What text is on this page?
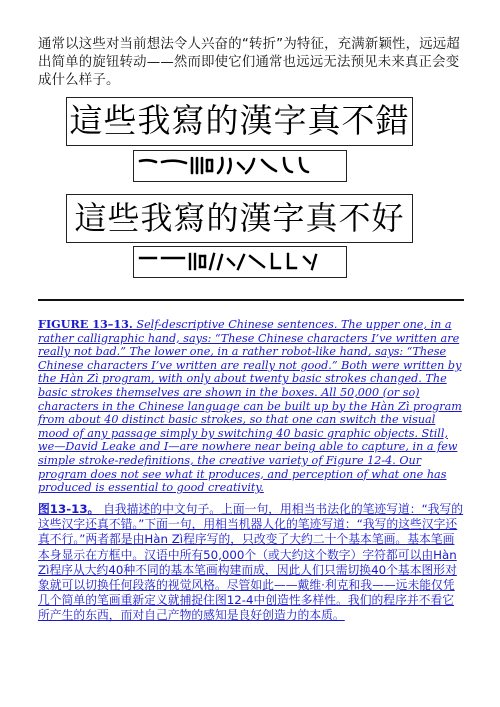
通常以这些对当前想法令人兴奋的“转折”为特征，充满新颖性，远远超出简单的旋钮转动——然而即使它们通常也远远无法预见未来真正会变成什么样子。
這些我寫的漢字真不錯
這些我寫的漢字真不好
FIGURE 13–13. Self-descriptive Chinese sentences. The upper one, in a rather calligraphic hand, says: “These Chinese characters I’ve written are really not bad.” The lower one, in a rather robot-like hand, says: “These Chinese characters I’ve written are really not good.” Both were written by the Hàn Zì program, with only about twenty basic strokes changed. The basic strokes themselves are shown in the boxes. All 50,000 (or so) characters in the Chinese language can be built up by the Hàn Zì program from about 40 distinct basic strokes, so that one can switch the visual mood of any passage simply by switching 40 basic graphic objects. Still, we—David Leake and I—are nowhere near being able to capture, in a few simple stroke-redefinitions, the creative variety of Figure 12-4. Our program does not see what it produces, and perception of what one has produced is essential to good creativity.
图13-13。 自我描述的中文句子。上面一句，用相当书法化的笔迹写道：“我写的这些汉字还真不错。”下面一句，用相当机器人化的笔迹写道：“我写的这些汉字还真不行。”两者都是由Hàn Zì程序写的，只改变了大约二十个基本笔画。基本笔画本身显示在方框中。汉语中所有50,000个（或大约这个数字）字符都可以由Hàn Zì程序从大约40种不同的基本笔画构建而成，因此人们只需切换40个基本图形对象就可以切换任何段落的视觉风格。尽管如此——戴维·利克和我——远未能仅凭几个简单的笔画重新定义就捕捉住图12-4中创造性多样性。我们的程序并不看它所产生的东西，而对自己产物的感知是良好创造力的本质。
